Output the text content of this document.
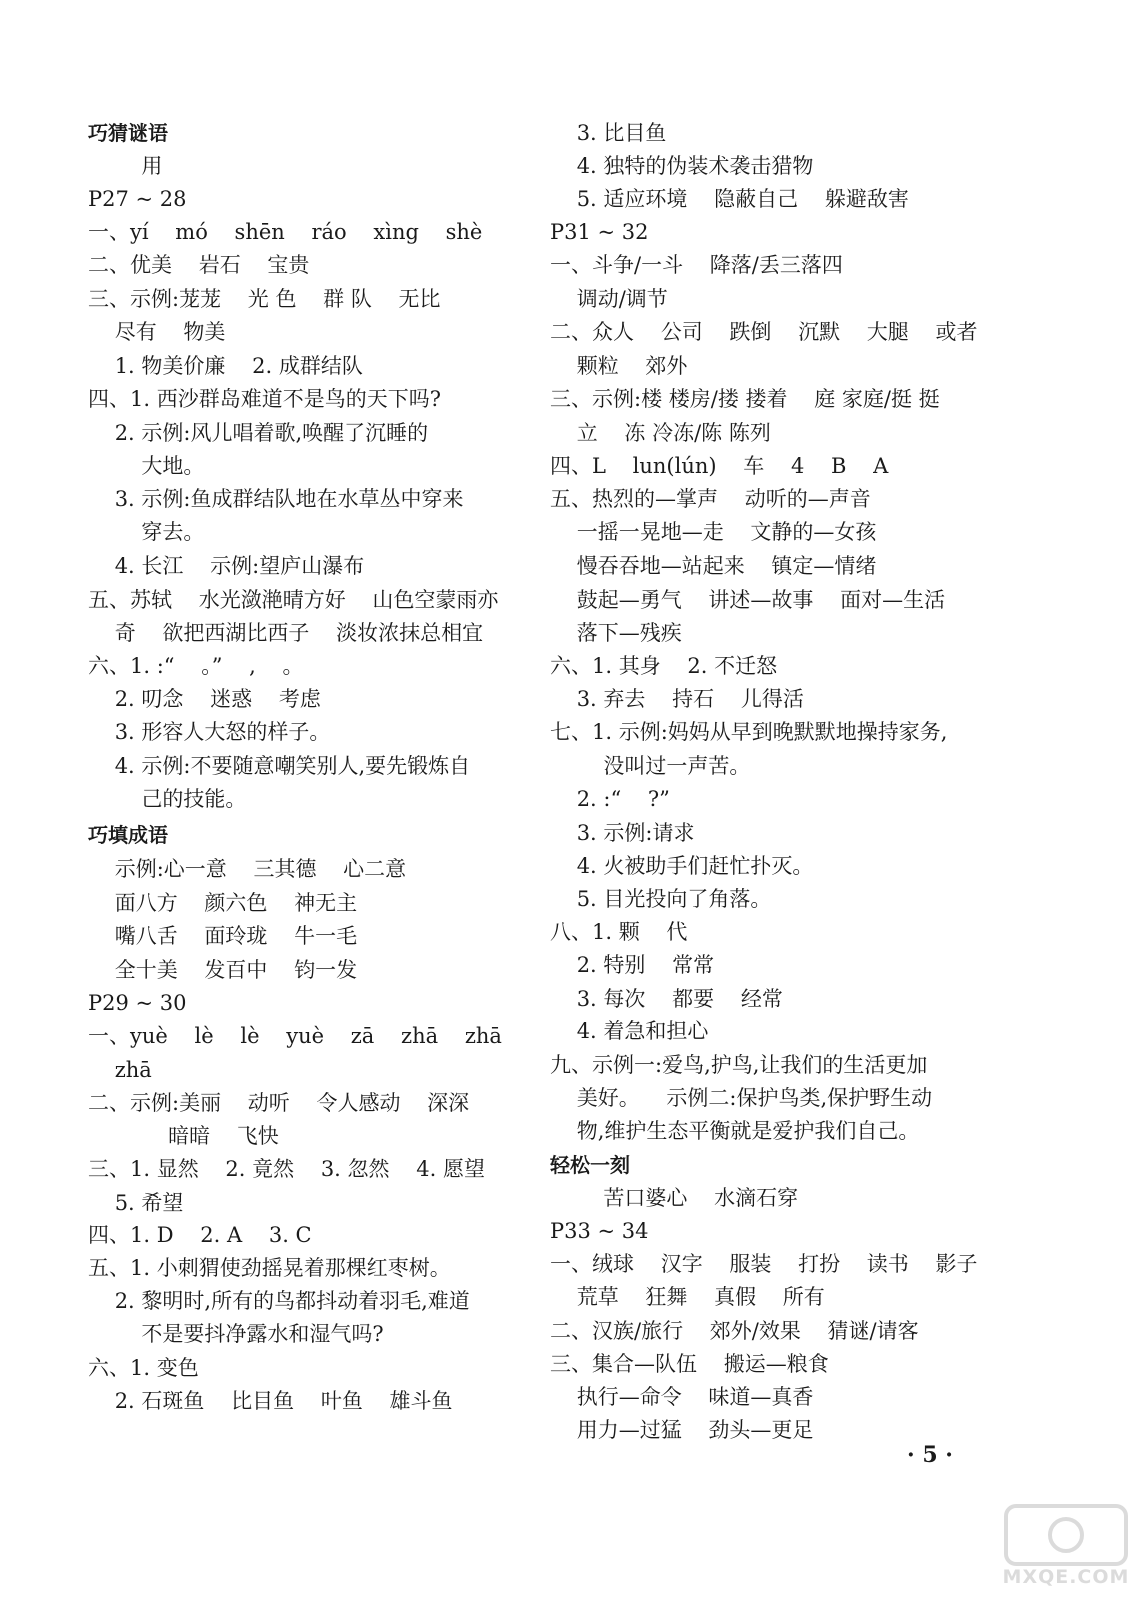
巧猜谜语
用
P27 ~ 28
一、yí    mó    shēn    ráo    xìng    shè
二、优美    岩石    宝贵
三、示例:茏茏    光 色    群 队    无比
尽有    物美
1. 物美价廉    2. 成群结队
四、1. 西沙群岛难道不是鸟的天下吗?
2. 示例:风儿唱着歌,唤醒了沉睡的
大地。
3. 示例:鱼成群结队地在水草丛中穿来
穿去。
4. 长江    示例:望庐山瀑布
五、苏轼    水光潋滟晴方好    山色空蒙雨亦
奇    欲把西湖比西子    淡妆浓抹总相宜
六、1. :“    。”    ,    。
2. 叨念    迷惑    考虑
3. 形容人大怒的样子。
4. 示例:不要随意嘲笑别人,要先锻炼自
己的技能。
巧填成语
示例:心一意    三其德    心二意
面八方    颜六色    神无主
嘴八舌    面玲珑    牛一毛
全十美    发百中    钧一发
P29 ~ 30
一、yuè    lè    lè    yuè    zā    zhā    zhā
zhā
二、示例:美丽    动听    令人感动    深深
暗暗    飞快
三、1. 显然    2. 竟然    3. 忽然    4. 愿望
5. 希望
四、1. D    2. A    3. C
五、1. 小刺猬使劲摇晃着那棵红枣树。
2. 黎明时,所有的鸟都抖动着羽毛,难道
不是要抖净露水和湿气吗?
六、1. 变色
2. 石斑鱼    比目鱼    叶鱼    雄斗鱼
3. 比目鱼
4. 独特的伪装术袭击猎物
5. 适应环境    隐蔽自己    躲避敌害
P31 ~ 32
一、斗争/一斗    降落/丢三落四
调动/调节
二、众人    公司    跌倒    沉默    大腿    或者
颗粒    郊外
三、示例:楼 楼房/搂 搂着    庭 家庭/挺 挺
立    冻 冷冻/陈 陈列
四、L    lun(lún)    车    4    B    A
五、热烈的—掌声    动听的—声音
一摇一晃地—走    文静的—女孩
慢吞吞地—站起来    镇定—情绪
鼓起—勇气    讲述—故事    面对—生活
落下—残疾
六、1. 其身    2. 不迁怒
3. 弃去    持石    儿得活
七、1. 示例:妈妈从早到晚默默地操持家务,
没叫过一声苦。
2. :“    ?”
3. 示例:请求
4. 火被助手们赶忙扑灭。
5. 目光投向了角落。
八、1. 颗    代
2. 特别    常常
3. 每次    都要    经常
4. 着急和担心
九、示例一:爱鸟,护鸟,让我们的生活更加
美好。    示例二:保护鸟类,保护野生动
物,维护生态平衡就是爱护我们自己。
轻松一刻
苦口婆心    水滴石穿
P33 ~ 34
一、绒球    汉字    服装    打扮    读书    影子
荒草    狂舞    真假    所有
二、汉族/旅行    郊外/效果    猜谜/请客
三、集合—队伍    搬运—粮食
执行—命令    味道—真香
用力—过猛    劲头—更足
· 5 ·
MXQE.COM
